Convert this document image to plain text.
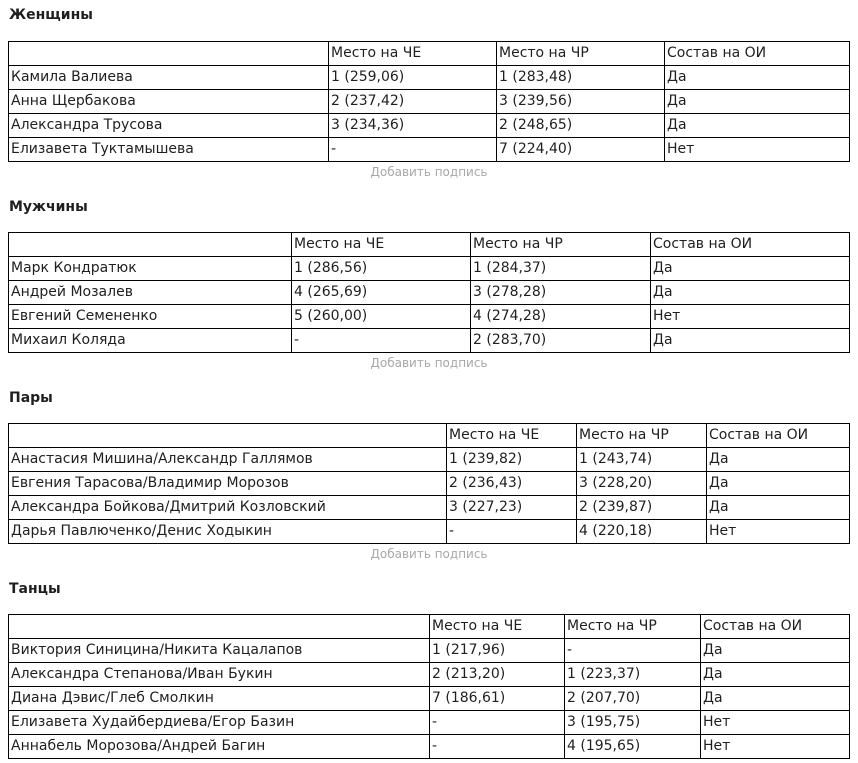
Женщины
	Место на ЧЕ	Место на ЧР	Состав на ОИ
Камила Валиева	1 (259,06)	1 (283,48)	Да
Анна Щербакова	2 (237,42)	3 (239,56)	Да
Александра Трусова	3 (234,36)	2 (248,65)	Да
Елизавета Туктамышева	-	7 (224,40)	Нет
Добавить подпись
Мужчины
	Место на ЧЕ	Место на ЧР	Состав на ОИ
Марк Кондратюк	1 (286,56)	1 (284,37)	Да
Андрей Мозалев	4 (265,69)	3 (278,28)	Да
Евгений Семененко	5 (260,00)	4 (274,28)	Нет
Михаил Коляда	-	2 (283,70)	Да
Добавить подпись
Пары
	Место на ЧЕ	Место на ЧР	Состав на ОИ
Анастасия Мишина/Александр Галлямов	1 (239,82)	1 (243,74)	Да
Евгения Тарасова/Владимир Морозов	2 (236,43)	3 (228,20)	Да
Александра Бойкова/Дмитрий Козловский	3 (227,23)	2 (239,87)	Да
Дарья Павлюченко/Денис Ходыкин	-	4 (220,18)	Нет
Добавить подпись
Танцы
	Место на ЧЕ	Место на ЧР	Состав на ОИ
Виктория Синицина/Никита Кацалапов	1 (217,96)	-	Да
Александра Степанова/Иван Букин	2 (213,20)	1 (223,37)	Да
Диана Дэвис/Глеб Смолкин	7 (186,61)	2 (207,70)	Да
Елизавета Худайбердиева/Егор Базин	-	3 (195,75)	Нет
Аннабель Морозова/Андрей Багин	-	4 (195,65)	Нет
